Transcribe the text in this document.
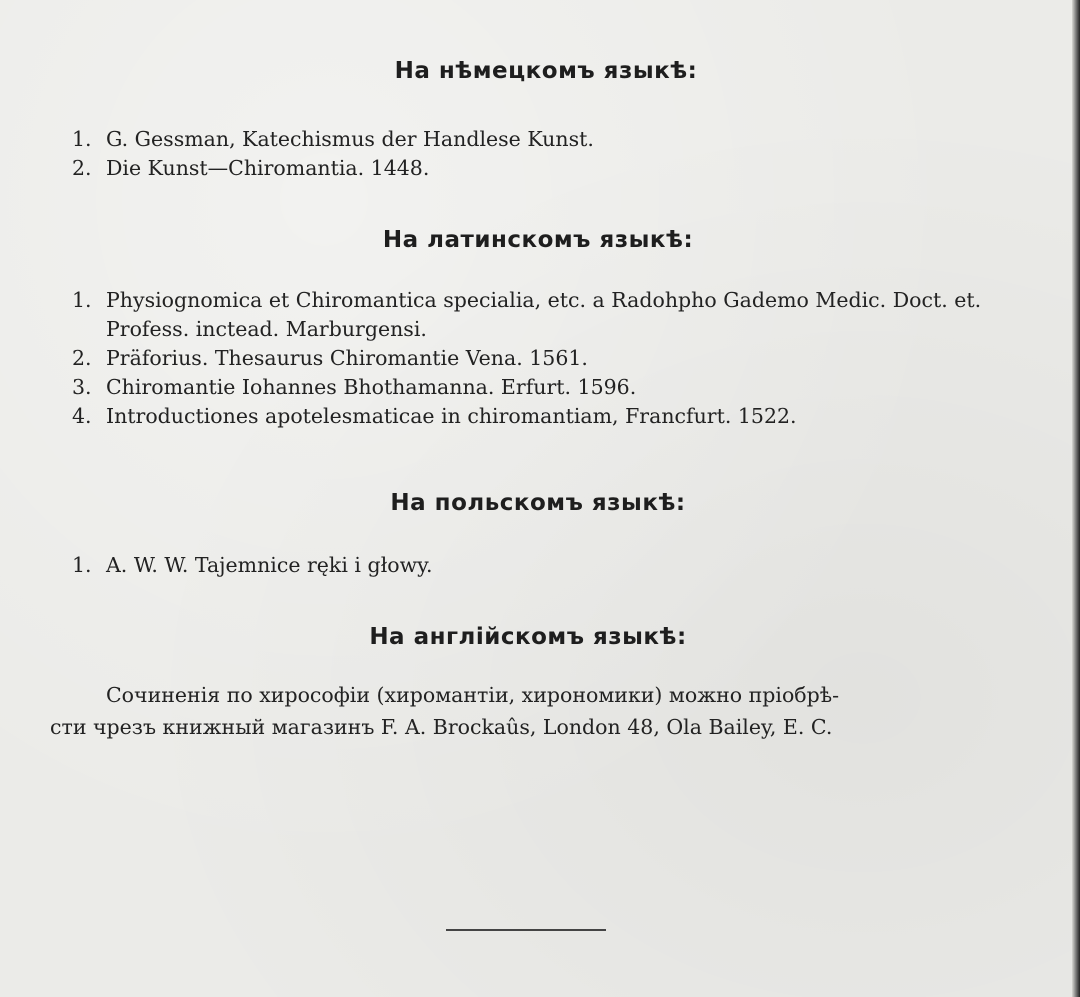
На нѣмецкомъ языкѣ:
1. G. Gessman, Katechismus der Handlese Kunst.
2. Die Kunst—Chiromantia. 1448.
На латинскомъ языкѣ:
1. Physiognomica et Chiromantica specialia, etc. a Radohpho Gademo Medic. Doct. et. Profess. inctead. Marburgensi.
2. Präforius. Thesaurus Chiromantie Vena. 1561.
3. Chiromantie Iohannes Bhothamanna. Erfurt. 1596.
4. Introductiones apotelesmaticae in chiromantiam, Francfurt. 1522.
На польскомъ языкѣ:
1. A. W. W. Tajemnice ręki i głowy.
На англійскомъ языкѣ:

Сочиненія по хирософіи (хиромантіи, хирономики) можно пріобрѣ-
сти чрезъ книжный магазинъ F. A. Brockaûs, London 48, Ola Bailey, E. C.
